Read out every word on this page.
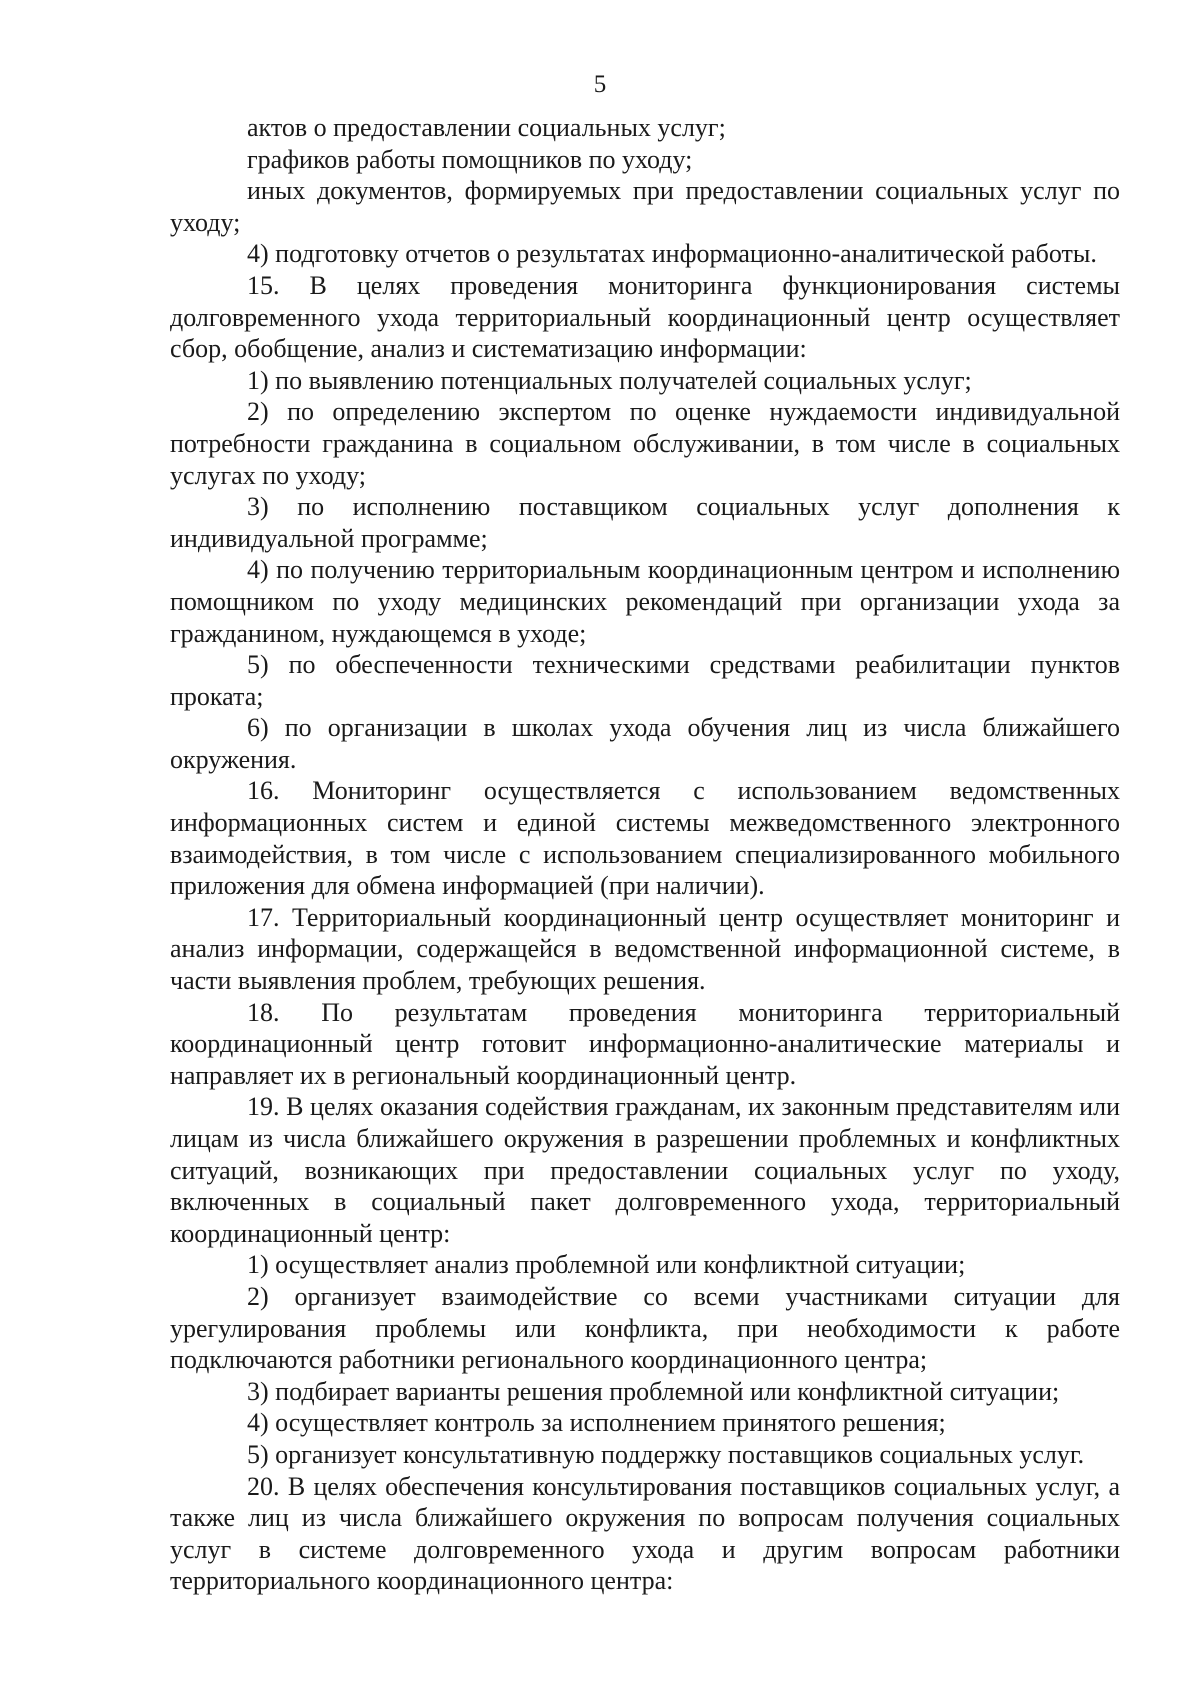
5

актов о предоставлении социальных услуг;

графиков работы помощников по уходу;

иных документов, формируемых при предоставлении социальных услуг по уходу;

4) подготовку отчетов о результатах информационно-аналитической работы.

15. В целях проведения мониторинга функционирования системы долговременного ухода территориальный координационный центр осуществляет сбор, обобщение, анализ и систематизацию информации:

1) по выявлению потенциальных получателей социальных услуг;

2) по определению экспертом по оценке нуждаемости индивидуальной потребности гражданина в социальном обслуживании, в том числе в социальных услугах по уходу;

3) по исполнению поставщиком социальных услуг дополнения к индивидуальной программе;

4) по получению территориальным координационным центром и исполнению помощником по уходу медицинских рекомендаций при организации ухода за гражданином, нуждающемся в уходе;

5) по обеспеченности техническими средствами реабилитации пунктов проката;

6) по организации в школах ухода обучения лиц из числа ближайшего окружения.

16. Мониторинг осуществляется с использованием ведомственных информационных систем и единой системы межведомственного электронного взаимодействия, в том числе с использованием специализированного мобильного приложения для обмена информацией (при наличии).

17. Территориальный координационный центр осуществляет мониторинг и анализ информации, содержащейся в ведомственной информационной системе, в части выявления проблем, требующих решения.

18. По результатам проведения мониторинга территориальный координационный центр готовит информационно-аналитические материалы и направляет их в региональный координационный центр.

19. В целях оказания содействия гражданам, их законным представителям или лицам из числа ближайшего окружения в разрешении проблемных и конфликтных ситуаций, возникающих при предоставлении социальных услуг по уходу, включенных в социальный пакет долговременного ухода, территориальный координационный центр:

1) осуществляет анализ проблемной или конфликтной ситуации;

2) организует взаимодействие со всеми участниками ситуации для урегулирования проблемы или конфликта, при необходимости к работе подключаются работники регионального координационного центра;

3) подбирает варианты решения проблемной или конфликтной ситуации;

4) осуществляет контроль за исполнением принятого решения;

5) организует консультативную поддержку поставщиков социальных услуг.

20. В целях обеспечения консультирования поставщиков социальных услуг, а также лиц из числа ближайшего окружения по вопросам получения социальных услуг в системе долговременного ухода и другим вопросам работники территориального координационного центра:
